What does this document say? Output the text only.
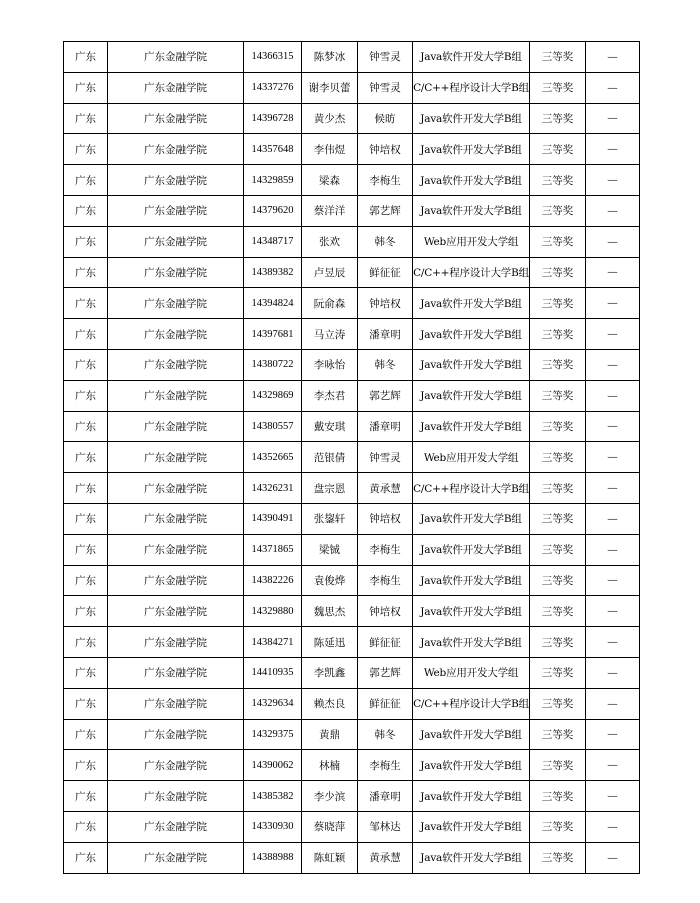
广东	广东金融学院	14366315	陈梦冰	钟雪灵	Java软件开发大学B组	三等奖	—
广东	广东金融学院	14337276	谢李贝蕾	钟雪灵	C/C++程序设计大学B组	三等奖	—
广东	广东金融学院	14396728	黄少杰	候昉	Java软件开发大学B组	三等奖	—
广东	广东金融学院	14357648	李伟煜	钟培权	Java软件开发大学B组	三等奖	—
广东	广东金融学院	14329859	梁森	李梅生	Java软件开发大学B组	三等奖	—
广东	广东金融学院	14379620	蔡洋洋	郭艺辉	Java软件开发大学B组	三等奖	—
广东	广东金融学院	14348717	张欢	韩冬	Web应用开发大学组	三等奖	—
广东	广东金融学院	14389382	卢昱辰	鲜征征	C/C++程序设计大学B组	三等奖	—
广东	广东金融学院	14394824	阮俞森	钟培权	Java软件开发大学B组	三等奖	—
广东	广东金融学院	14397681	马立涛	潘章明	Java软件开发大学B组	三等奖	—
广东	广东金融学院	14380722	李咏怡	韩冬	Java软件开发大学B组	三等奖	—
广东	广东金融学院	14329869	李杰君	郭艺辉	Java软件开发大学B组	三等奖	—
广东	广东金融学院	14380557	戴安琪	潘章明	Java软件开发大学B组	三等奖	—
广东	广东金融学院	14352665	范银倩	钟雪灵	Web应用开发大学组	三等奖	—
广东	广东金融学院	14326231	盘宗恩	黄承慧	C/C++程序设计大学B组	三等奖	—
广东	广东金融学院	14390491	张鋆轩	钟培权	Java软件开发大学B组	三等奖	—
广东	广东金融学院	14371865	梁铖	李梅生	Java软件开发大学B组	三等奖	—
广东	广东金融学院	14382226	袁俊烨	李梅生	Java软件开发大学B组	三等奖	—
广东	广东金融学院	14329880	魏思杰	钟培权	Java软件开发大学B组	三等奖	—
广东	广东金融学院	14384271	陈延迅	鲜征征	Java软件开发大学B组	三等奖	—
广东	广东金融学院	14410935	李凯鑫	郭艺辉	Web应用开发大学组	三等奖	—
广东	广东金融学院	14329634	赖杰良	鲜征征	C/C++程序设计大学B组	三等奖	—
广东	广东金融学院	14329375	黄鼎	韩冬	Java软件开发大学B组	三等奖	—
广东	广东金融学院	14390062	林楠	李梅生	Java软件开发大学B组	三等奖	—
广东	广东金融学院	14385382	李少滨	潘章明	Java软件开发大学B组	三等奖	—
广东	广东金融学院	14330930	蔡晓萍	邹林达	Java软件开发大学B组	三等奖	—
广东	广东金融学院	14388988	陈虹颖	黄承慧	Java软件开发大学B组	三等奖	—
